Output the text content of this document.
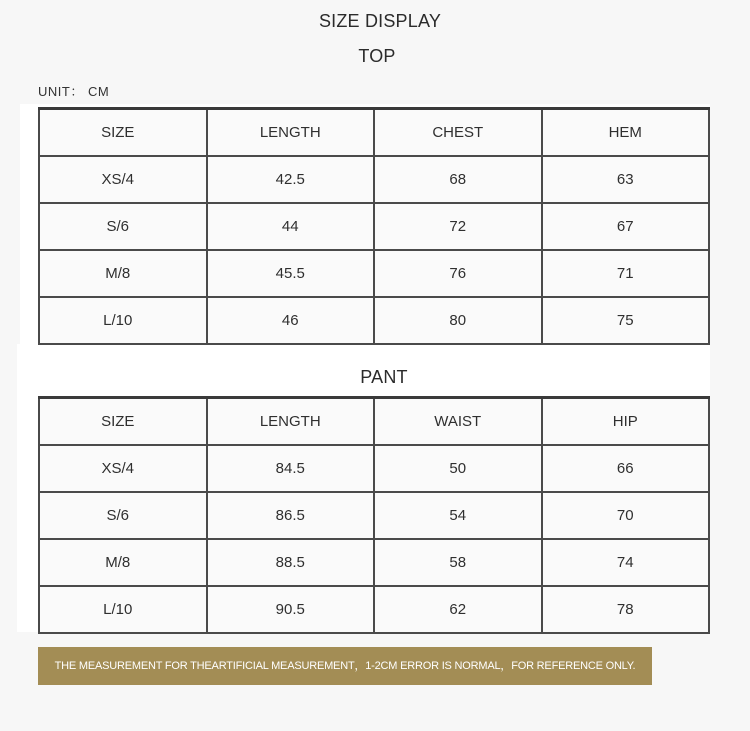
SIZE DISPLAY
TOP
UNIT： CM
SIZE	LENGTH	CHEST	HEM
XS/4	42.5	68	63
S/6	44	72	67
M/8	45.5	76	71
L/10	46	80	75
PANT
SIZE	LENGTH	WAIST	HIP
XS/4	84.5	50	66
S/6	86.5	54	70
M/8	88.5	58	74
L/10	90.5	62	78
THE MEASUREMENT FOR THEARTIFICIAL MEASUREMENT，1-2CM ERROR IS NORMAL，FOR REFERENCE ONLY.
